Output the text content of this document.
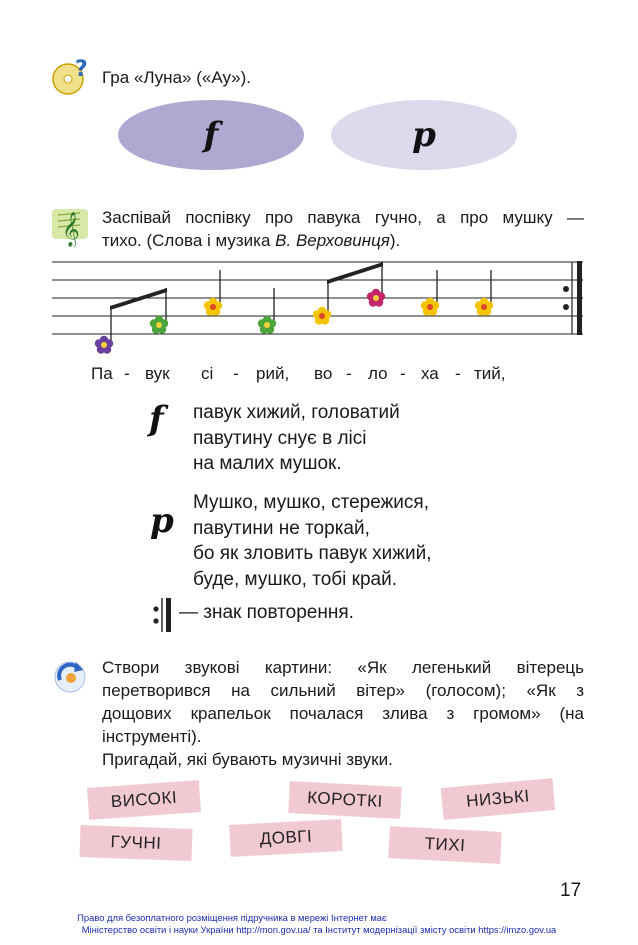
? Гра «Луна» («Ау»).
f	p
𝄞 Заспівай поспівку про павука гучно, а про мушку —
тихо. (Слова і музика В. Верховинця).
Па - вук сі - рий, во - ло - ха - тий,
f павук хижий, головатий
павутину снує в лісі
на малих мушок.
p Мушко, мушко, стережися,
павутини не торкай,
бо як зловить павук хижий,
буде, мушко, тобі край.
— знак повторення.
Створи звукові картини: «Як легенький вітерець
перетворився на сильний вітер» (голосом); «Як з
дощових крапельок почалася злива з громом» (на
інструменті).
Пригадай, які бувають музичні звуки.
ВИСОКІ	КОРОТКІ	НИЗЬКІ
ГУЧНІ	ДОВГІ	ТИХІ
17
Право для безоплатного розміщення підручника в мережі Інтернет має
Міністерство освіти і науки України http://mon.gov.ua/ та Інститут модернізації змісту освіти https://imzo.gov.ua
